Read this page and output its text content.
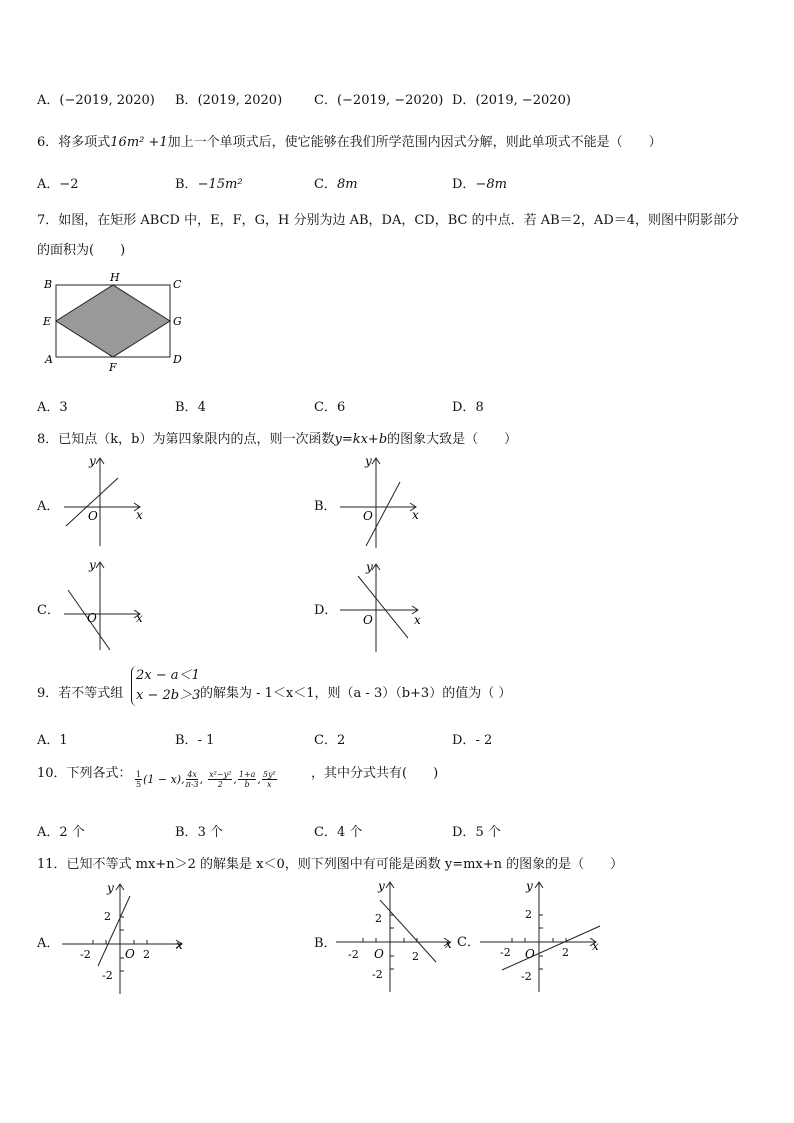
A．(−2019, 2020) B．(2019, 2020) C．(−2019, −2020) D．(2019, −2020)
6．将多项式16m² +1加上一个单项式后，使它能够在我们所学范围内因式分解，则此单项式不能是（　　）
A．−2	B．−15m²	C．8m	D．−8m
7．如图，在矩形 ABCD 中，E，F，G，H 分别为边 AB，DA，CD，BC 的中点．若 AB＝2，AD＝4，则图中阴影部分
的面积为(　　)
B
H
C
E	G
A
F
D
A．3	B．4	C．6	D．8
8．已知点（k，b）为第四象限内的点，则一次函数y=kx+b的图象大致是（　　）
A．
y
x
O
B．
y
x
O
C．
y
x
O	D．
y
x
O
9．若不等式组
2x − a＜1
x − 2b＞3 的解集为 - 1＜x＜1，则（a - 3）（b+3）的值为（ ）
A．1	B．- 1	C．2	D．- 2
10．下列各式： $\frac{1}{5} (1 - x)$, $\frac{4x}{\pi-3}$ , $\frac{\text{x²−y²}}{2}$ , $\frac{1+a}{b}$ , $\frac{\text{5y²}}{x}$	，其中分式共有(　　)
A．2 个	B．3 个	C．4 个	D．5 个
11．已知不等式 mx+n＞2 的解集是 x＜0，则下列图中有可能是函数 y=mx+n 的图象的是（　　）
A．
y
x
O
2
-2
-2	2
B．
y
x
O
2
-2
-2	2
C．
y
x
O
2
-2
-2	2
